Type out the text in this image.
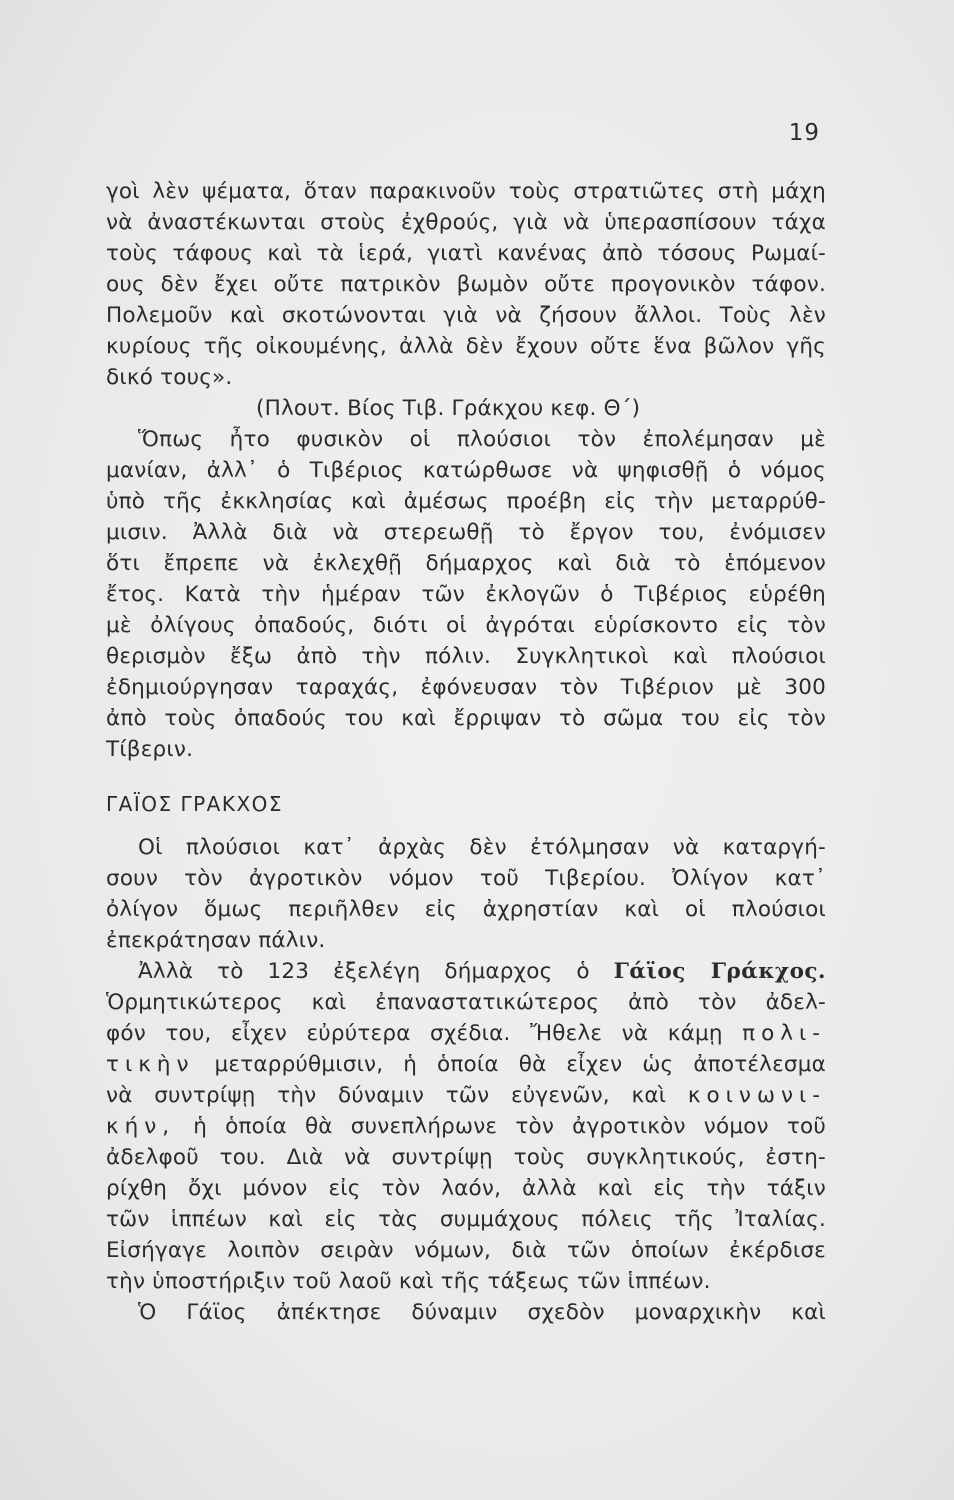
19
γοὶ λὲν ψέματα, ὅταν παρακινοῦν τοὺς στρατιῶτες στὴ μάχη
νὰ ἀναστέκωνται στοὺς ἐχθρούς, γιὰ νὰ ὑπερασπίσουν τάχα
τοὺς τάφους καὶ τὰ ἱερά, γιατὶ κανένας ἀπὸ τόσους Ρωμαί-
ους δὲν ἔχει οὔτε πατρικὸν βωμὸν οὔτε προγονικὸν τάφον.
Πολεμοῦν καὶ σκοτώνονται γιὰ νὰ ζήσουν ἄλλοι. Τοὺς λὲν
κυρίους τῆς οἰκουμένης, ἀλλὰ δὲν ἔχουν οὔτε ἕνα βῶλον γῆς
δικό τους».
(Πλουτ. Βίος Τιβ. Γράκχου κεφ. Θ΄)
Ὅπως ἦτο φυσικὸν οἱ πλούσιοι τὸν ἐπολέμησαν μὲ
μανίαν, ἀλλ᾽ ὁ Τιβέριος κατώρθωσε νὰ ψηφισθῇ ὁ νόμος
ὑπὸ τῆς ἐκκλησίας καὶ ἀμέσως προέβη εἰς τὴν μεταρρύθ-
μισιν. Ἀλλὰ διὰ νὰ στερεωθῇ τὸ ἔργον του, ἐνόμισεν
ὅτι ἔπρεπε νὰ ἐκλεχθῇ δήμαρχος καὶ διὰ τὸ ἑπόμενον
ἔτος. Κατὰ τὴν ἡμέραν τῶν ἐκλογῶν ὁ Τιβέριος εὑρέθη
μὲ ὀλίγους ὀπαδούς, διότι οἱ ἀγρόται εὑρίσκοντο εἰς τὸν
θερισμὸν ἔξω ἀπὸ τὴν πόλιν. Συγκλητικοὶ καὶ πλούσιοι
ἐδημιούργησαν ταραχάς, ἐφόνευσαν τὸν Τιβέριον μὲ 300
ἀπὸ τοὺς ὀπαδούς του καὶ ἔρριψαν τὸ σῶμα του εἰς τὸν
Τίβεριν.
ΓΑΪΟΣ ΓΡΑΚΧΟΣ
Οἱ πλούσιοι κατ᾽ ἀρχὰς δὲν ἐτόλμησαν νὰ καταργή-
σουν τὸν ἀγροτικὸν νόμον τοῦ Τιβερίου. Ὀλίγον κατ᾽
ὀλίγον ὅμως περιῆλθεν εἰς ἀχρηστίαν καὶ οἱ πλούσιοι
ἐπεκράτησαν πάλιν.
Ἀλλὰ τὸ 123 ἐξελέγη δήμαρχος ὁ Γάϊος Γράκχος.
Ὁρμητικώτερος καὶ ἐπαναστατικώτερος ἀπὸ τὸν ἀδελ-
φόν του, εἶχεν εὐρύτερα σχέδια. Ἤθελε νὰ κάμῃ πολι-
τικὴν μεταρρύθμισιν, ἡ ὁποία θὰ εἶχεν ὡς ἀποτέλεσμα
νὰ συντρίψῃ τὴν δύναμιν τῶν εὐγενῶν, καὶ κοινωνι-
κήν, ἡ ὁποία θὰ συνεπλήρωνε τὸν ἀγροτικὸν νόμον τοῦ
ἀδελφοῦ του. Διὰ νὰ συντρίψῃ τοὺς συγκλητικούς, ἐστη-
ρίχθη ὄχι μόνον εἰς τὸν λαόν, ἀλλὰ καὶ εἰς τὴν τάξιν
τῶν ἱππέων καὶ εἰς τὰς συμμάχους πόλεις τῆς Ἰταλίας.
Εἰσήγαγε λοιπὸν σειρὰν νόμων, διὰ τῶν ὁποίων ἐκέρδισε
τὴν ὑποστήριξιν τοῦ λαοῦ καὶ τῆς τάξεως τῶν ἱππέων.
Ὁ Γάϊος ἀπέκτησε δύναμιν σχεδὸν μοναρχικὴν καὶ
